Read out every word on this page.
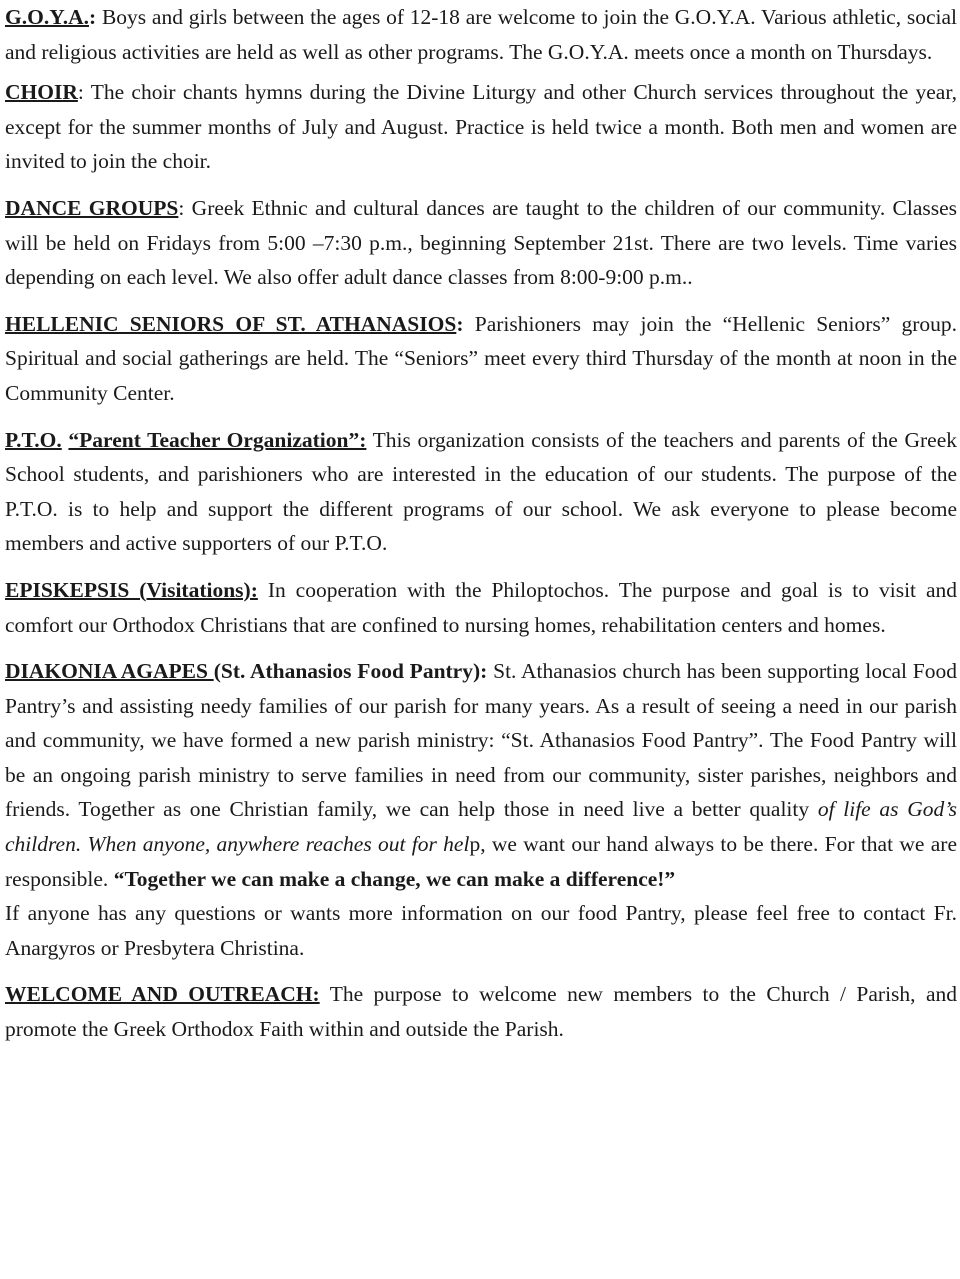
G.O.Y.A.: Boys and girls between the ages of 12-18 are welcome to join the G.O.Y.A. Various athletic, social and religious activities are held as well as other programs. The G.O.Y.A. meets once a month on Thursdays.

CHOIR: The choir chants hymns during the Divine Liturgy and other Church services throughout the year, except for the summer months of July and August. Practice is held twice a month. Both men and women are invited to join the choir.

DANCE GROUPS: Greek Ethnic and cultural dances are taught to the children of our community. Classes will be held on Fridays from 5:00 –7:30 p.m., beginning September 21st. There are two levels. Time varies depending on each level. We also offer adult dance classes from 8:00-9:00 p.m..

HELLENIC SENIORS OF ST. ATHANASIOS: Parishioners may join the “Hellenic Seniors” group. Spiritual and social gatherings are held. The “Seniors” meet every third Thursday of the month at noon in the Community Center.

P.T.O. “Parent Teacher Organization”: This organization consists of the teachers and parents of the Greek School students, and parishioners who are interested in the education of our students. The purpose of the P.T.O. is to help and support the different programs of our school. We ask everyone to please become members and active supporters of our P.T.O.

EPISKEPSIS (Visitations): In cooperation with the Philoptochos. The purpose and goal is to visit and comfort our Orthodox Christians that are confined to nursing homes, rehabilitation centers and homes.

DIAKONIA AGAPES (St. Athanasios Food Pantry): St. Athanasios church has been supporting local Food Pantry’s and assisting needy families of our parish for many years. As a result of seeing a need in our parish and community, we have formed a new parish ministry: “St. Athanasios Food Pantry”. The Food Pantry will be an ongoing parish ministry to serve families in need from our community, sister parishes, neighbors and friends. Together as one Christian family, we can help those in need live a better quality of life as God’s children. When anyone, anywhere reaches out for help, we want our hand always to be there. For that we are responsible. “Together we can make a change, we can make a difference!”

If anyone has any questions or wants more information on our food Pantry, please feel free to contact Fr. Anargyros or Presbytera Christina.

WELCOME AND OUTREACH: The purpose to welcome new members to the Church / Parish, and promote the Greek Orthodox Faith within and outside the Parish.
